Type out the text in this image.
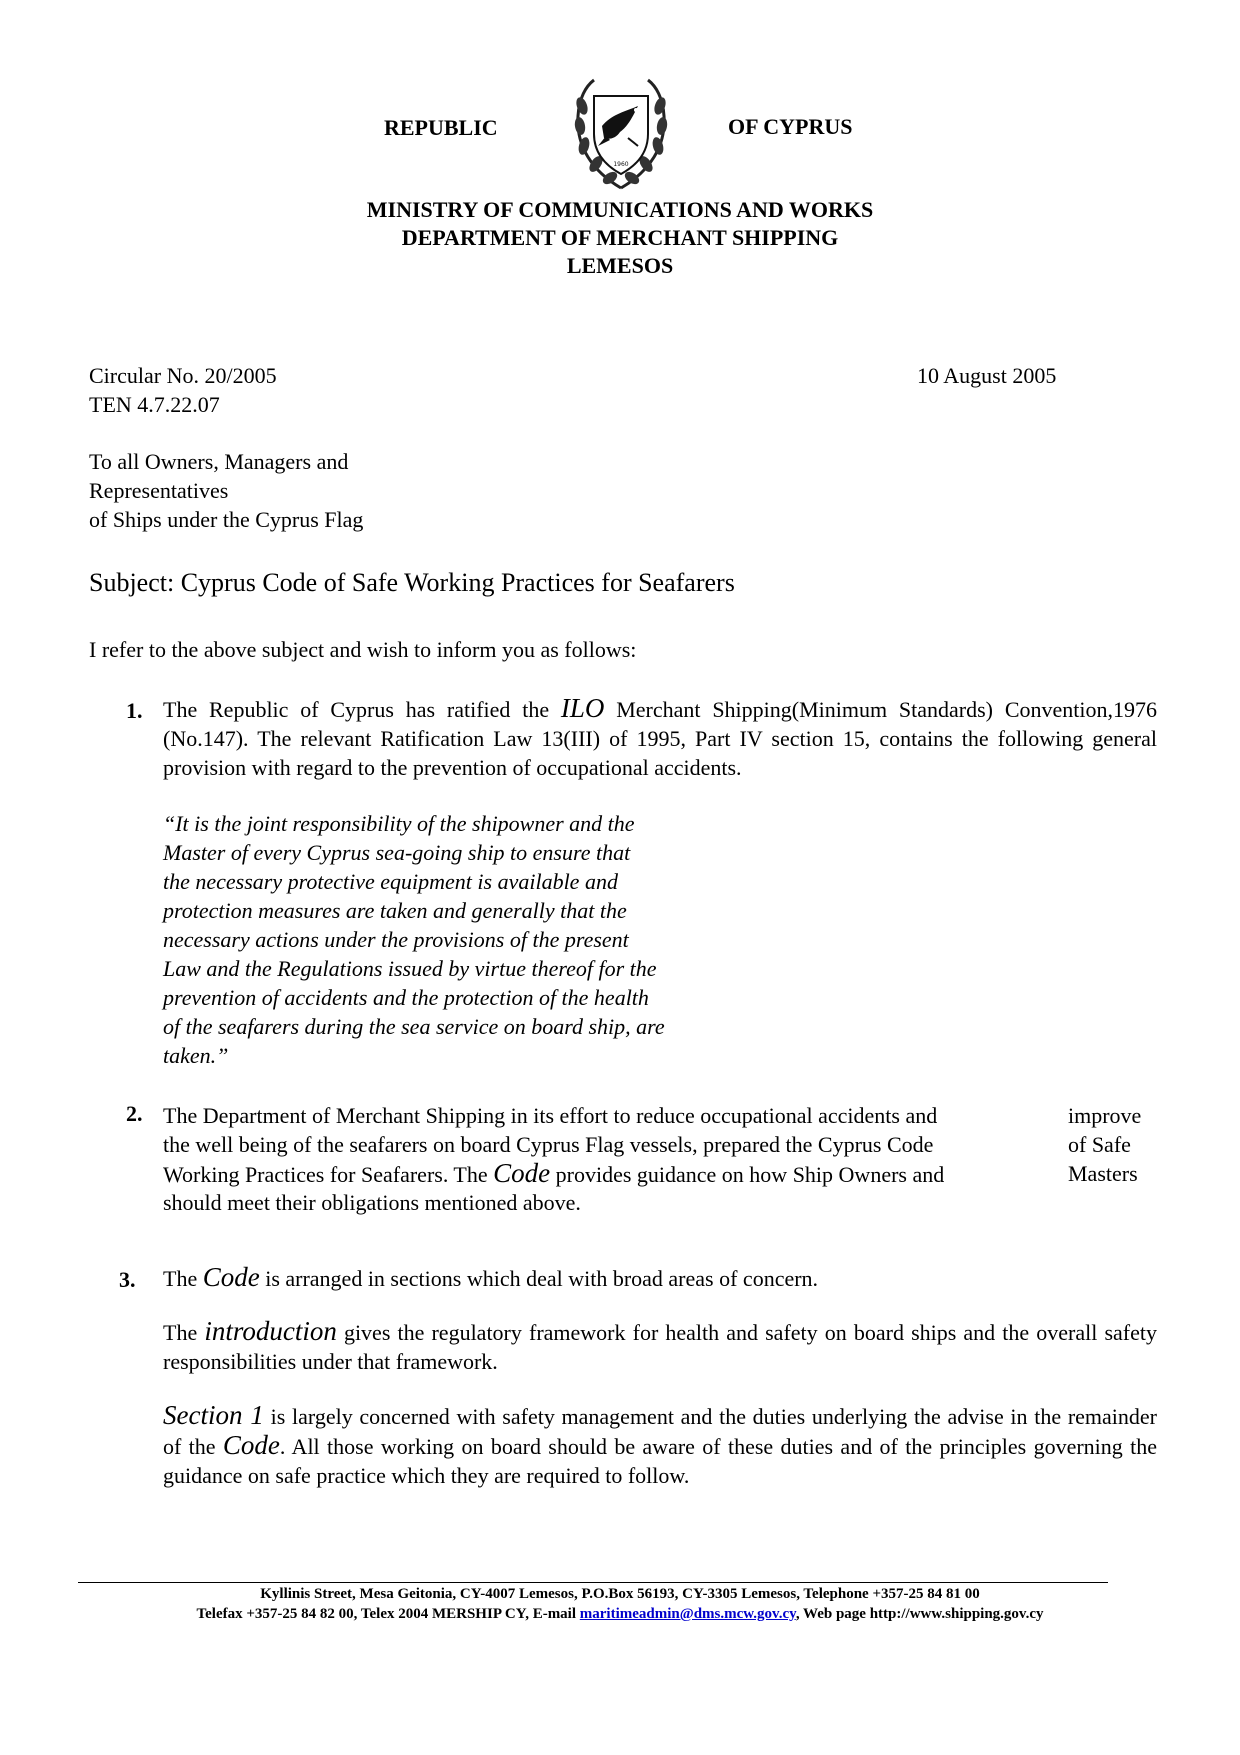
REPUBLIC	OF CYPRUS
1960
MINISTRY OF COMMUNICATIONS AND WORKS
DEPARTMENT OF MERCHANT SHIPPING
LEMESOS
Circular No. 20/2005
TEN 4.7.22.07
10 August 2005
To all Owners, Managers and
Representatives
of Ships under the Cyprus Flag
Subject: Cyprus Code of Safe Working Practices for Seafarers
I refer to the above subject and wish to inform you as follows:
1. The Republic of Cyprus has ratified the ILO Merchant Shipping(Minimum Standards) Convention,1976 (No.147). The relevant Ratification Law 13(III) of 1995, Part IV section 15, contains the following general provision with regard to the prevention of occupational accidents.
“It is the joint responsibility of the shipowner and the
Master of every Cyprus sea-going ship to ensure that
the necessary protective equipment is available and
protection measures are taken and generally that the
necessary actions under the provisions of the present
Law and the Regulations issued by virtue thereof for the
prevention of accidents and the protection of the health
of the seafarers during the sea service on board ship, are
taken.”
2. The Department of Merchant Shipping in its effort to reduce occupational accidents and	improve
the well being of the seafarers on board Cyprus Flag vessels, prepared the Cyprus Code	of Safe
Working Practices for Seafarers. The Code provides guidance on how Ship Owners and	Masters
should meet their obligations mentioned above.
3. The Code is arranged in sections which deal with broad areas of concern.
The introduction gives the regulatory framework for health and safety on board ships and the overall safety responsibilities under that framework.
Section 1 is largely concerned with safety management and the duties underlying the advise in the remainder of the Code. All those working on board should be aware of these duties and of the principles governing the guidance on safe practice which they are required to follow.
Kyllinis Street, Mesa Geitonia, CY-4007 Lemesos, P.O.Box 56193, CY-3305 Lemesos, Telephone +357-25 84 81 00
Telefax +357-25 84 82 00, Telex 2004 MERSHIP CY, E-mail maritimeadmin@dms.mcw.gov.cy, Web page http://www.shipping.gov.cy
